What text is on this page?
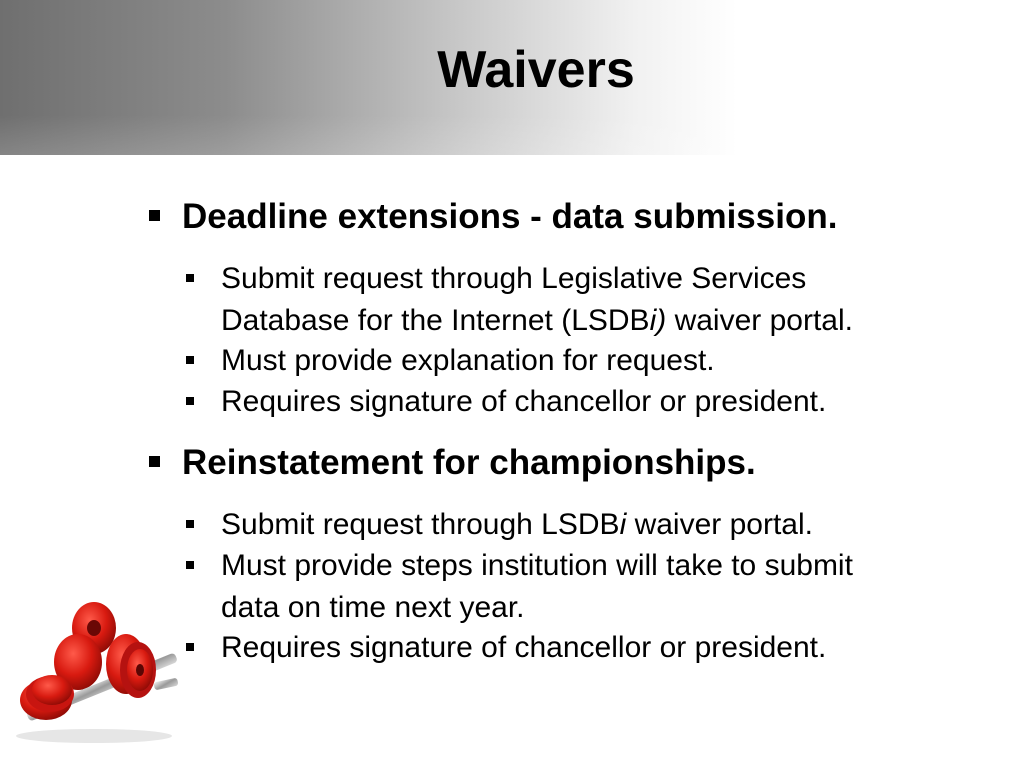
Waivers
Deadline extensions - data submission.
Submit request through Legislative Services
Database for the Internet (LSDBi) waiver portal.
Must provide explanation for request.
Requires signature of chancellor or president.
Reinstatement for championships.
Submit request through LSDBi waiver portal.
Must provide steps institution will take to submit
data on time next year.
Requires signature of chancellor or president.
